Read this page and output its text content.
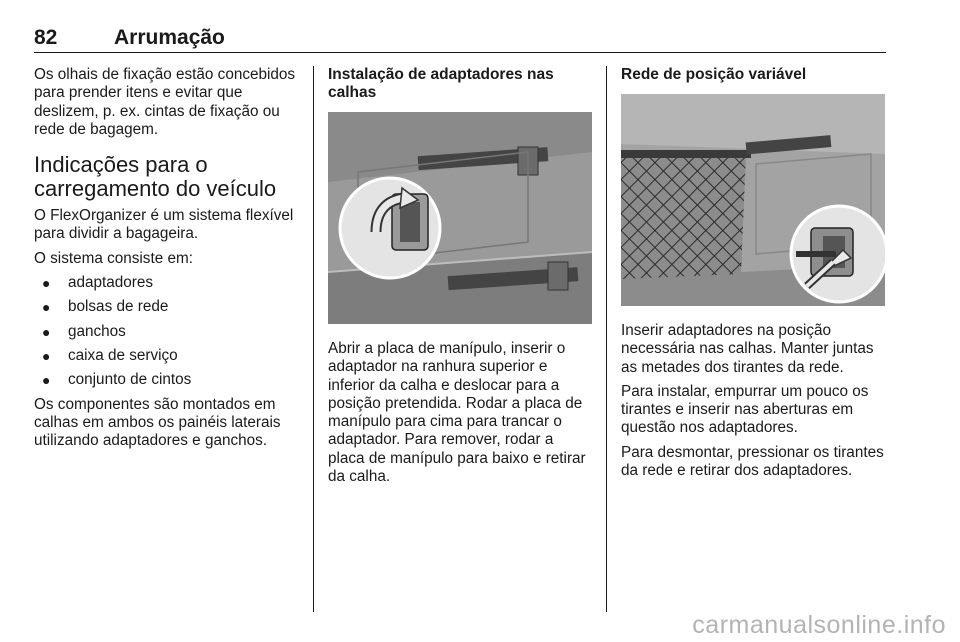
82	Arrumação

Os olhais de fixação estão concebidos para prender itens e evitar que deslizem, p. ex. cintas de fixação ou rede de bagagem.

Indicações para o carregamento do veículo

O FlexOrganizer é um sistema flexível para dividir a bagageira.

O sistema consiste em:

● adaptadores
● bolsas de rede
● ganchos
● caixa de serviço
● conjunto de cintos

Os componentes são montados em calhas em ambos os painéis laterais utilizando adaptadores e ganchos.

Instalação de adaptadores nas calhas

Abrir a placa de manípulo, inserir o adaptador na ranhura superior e inferior da calha e deslocar para a posição pretendida. Rodar a placa de manípulo para cima para trancar o adaptador. Para remover, rodar a placa de manípulo para baixo e retirar da calha.

Rede de posição variável

Inserir adaptadores na posição necessária nas calhas. Manter juntas as metades dos tirantes da rede.

Para instalar, empurrar um pouco os tirantes e inserir nas aberturas em questão nos adaptadores.

Para desmontar, pressionar os tirantes da rede e retirar dos adaptadores.

carmanualsonline.info
